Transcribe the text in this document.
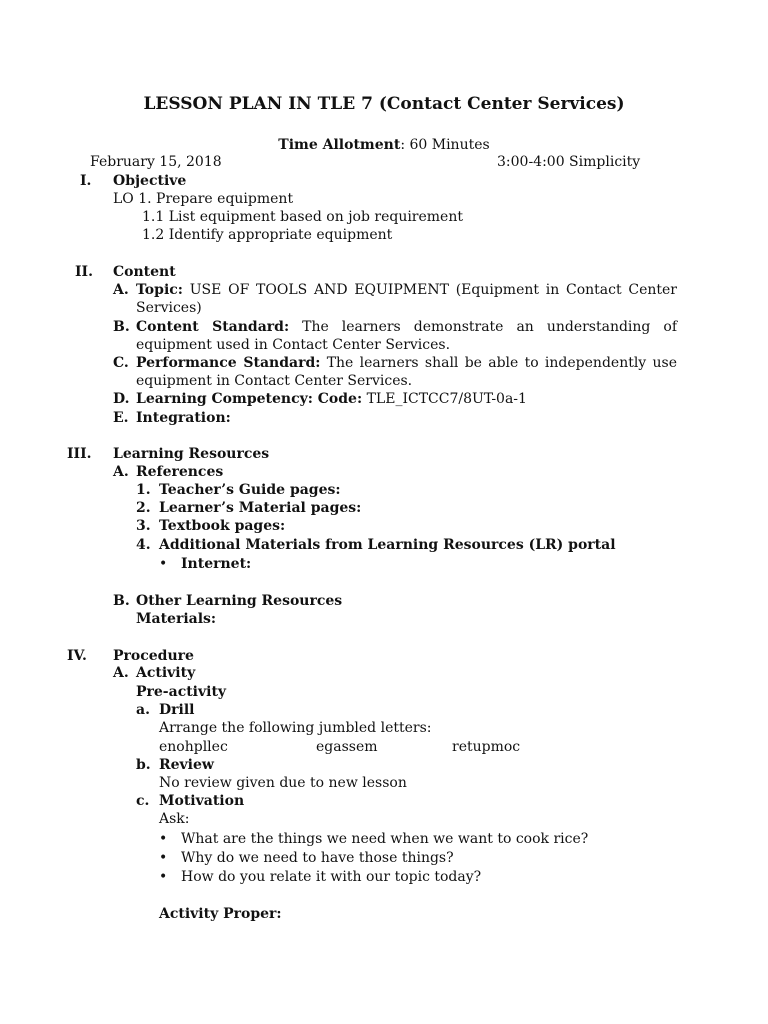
LESSON PLAN IN TLE 7 (Contact Center Services)
Time Allotment: 60 Minutes
February 15, 2018	3:00-4:00 Simplicity
I. Objective
LO 1. Prepare equipment
1.1 List equipment based on job requirement
1.2 Identify appropriate equipment
II. Content
A. Topic: USE OF TOOLS AND EQUIPMENT (Equipment in Contact Center
Services)
B. Content Standard: The learners demonstrate an understanding of
equipment used in Contact Center Services.
C. Performance Standard: The learners shall be able to independently use
equipment in Contact Center Services.
D. Learning Competency: Code: TLE_ICTCC7/8UT-0a-1
E. Integration:
III. Learning Resources
A. References
1. Teacher’s Guide pages:
2. Learner’s Material pages:
3. Textbook pages:
4. Additional Materials from Learning Resources (LR) portal
• Internet:
B. Other Learning Resources
Materials:
IV. Procedure
A. Activity
Pre-activity
a. Drill
Arrange the following jumbled letters:
enohpllec	egassem	retupmoc
b. Review
No review given due to new lesson
c. Motivation
Ask:
• What are the things we need when we want to cook rice?
• Why do we need to have those things?
• How do you relate it with our topic today?
Activity Proper:
